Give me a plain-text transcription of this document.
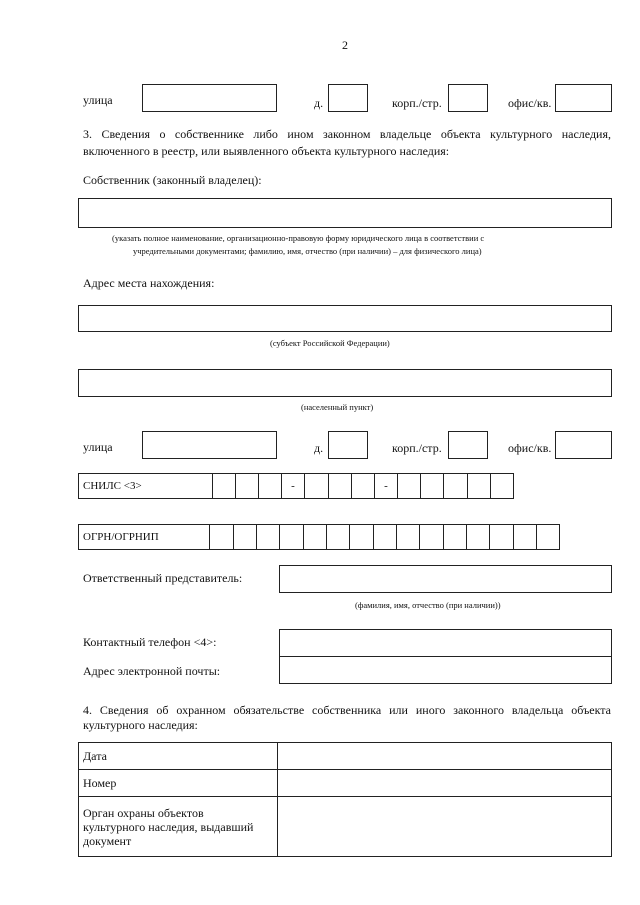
2
улица	д.	корп./стр.	офис/кв.
3. Сведения о собственнике либо ином законном владельце объекта культурного наследия,
включенного в реестр, или выявленного объекта культурного наследия:
Собственник (законный владелец):
(указать полное наименование, организационно-правовую форму юридического лица в соответствии с
учредительными документами; фамилию, имя, отчество (при наличии) – для физического лица)
Адрес места нахождения:
(субъект Российской Федерации)
(населенный пункт)
улица	д.	корп./стр.	офис/кв.
СНИЛС <3>	-	-
ОГРН/ОГРНИП
Ответственный представитель:
(фамилия, имя, отчество (при наличии))
Контактный телефон <4>:
Адрес электронной почты:
4. Сведения об охранном обязательстве собственника или иного законного владельца объекта
культурного наследия:
Дата	
Номер	

Орган охраны объектов
культурного наследия, выдавший
документ	
